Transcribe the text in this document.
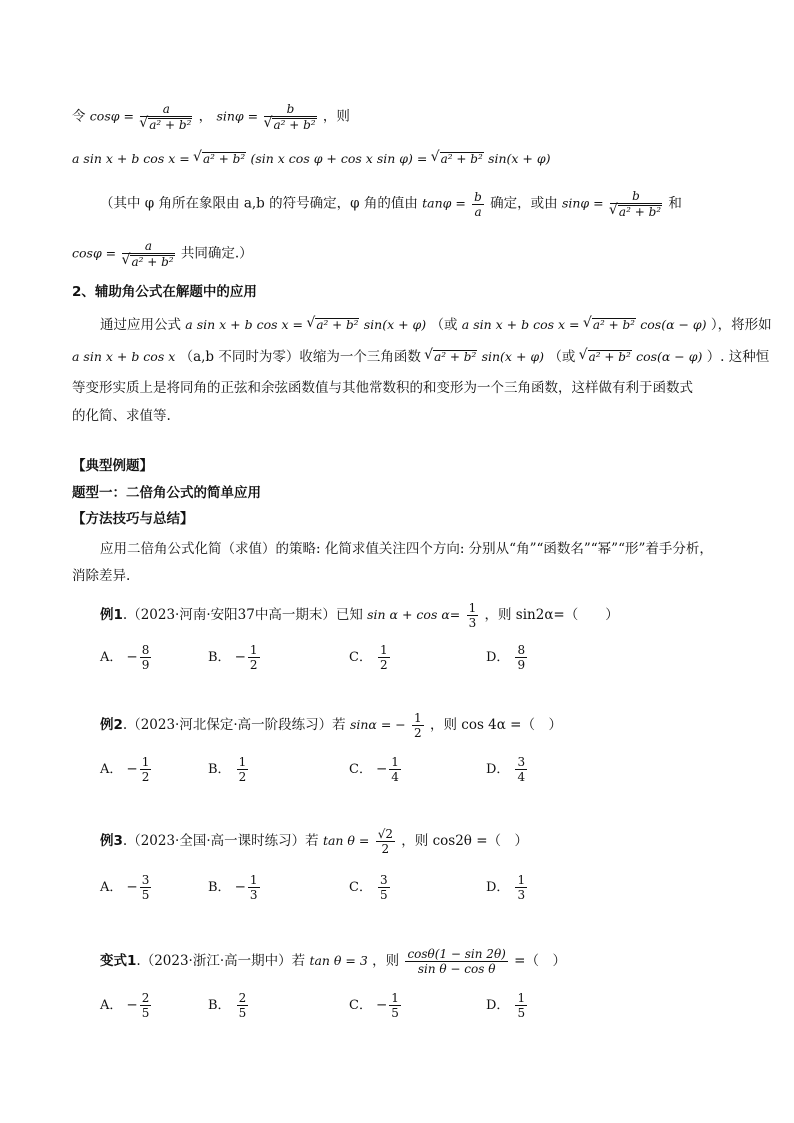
令 cosφ = a
√ a² + b² ， sinφ = b
√ a² + b² ，则
a sin x + b cos x = √ a² + b² (sin x cos φ + cos x sin φ) = √ a² + b² sin(x + φ)
（其中 φ 角所在象限由 a,b 的符号确定，φ 角的值由 $\tan\varphi = \frac{b}{a}$ 确定，或由 sinφ = b
√ a² + b² 和
cosφ = a
√ a² + b² 共同确定.）
2、辅助角公式在解题中的应用
通过应用公式 a sin x + b cos x = √ a² + b² sin(x + φ) （或 a sin x + b cos x = √ a² + b² cos(α − φ) ），将形如
a sin x + b cos x （a,b 不同时为零）收缩为一个三角函数 √ a² + b² sin(x + φ) （或 √ a² + b² cos(α − φ) ）. 这种恒
等变形实质上是将同角的正弦和余弦函数值与其他常数积的和变形为一个三角函数，这样做有利于函数式
的化简、求值等.
【典型例题】
题型一：二倍角公式的简单应用
【方法技巧与总结】
应用二倍角公式化简（求值）的策略: 化简求值关注四个方向: 分别从“角”“函数名”“幂”“形”着手分析，
消除差异.
例1.（2023·河南·安阳37中高一期末）已知 $\sin \alpha + \cos \alpha= \frac{1}{3}$ ，则 sin2α=（　　）
A． − $\frac{8}{9}$	B． − $\frac{1}{2}$	C． $\frac{1}{2}$	D． $\frac{8}{9}$
例2.（2023·河北保定·高一阶段练习）若 sinα = − $\frac{1}{2}$ ，则 cos 4α =（　）
A． − $\frac{1}{2}$	B． $\frac{1}{2}$	C． − $\frac{1}{4}$	D． $\frac{3}{4}$
例3.（2023·全国·高一课时练习）若 $\tan \theta = \frac{√2}{2}$ ，则 cos2θ =（　）
A． − $\frac{3}{5}$	B． − $\frac{1}{3}$	C． $\frac{3}{5}$	D． $\frac{1}{3}$
变式1.（2023·浙江·高一期中）若 tan θ = 3 ，则 $\frac{\cos\theta(1 - \sin 2\theta)}{\text{sin θ − cos θ}}$ =（　）
A． − $\frac{2}{5}$	B． $\frac{2}{5}$	C． − $\frac{1}{5}$	D． $\frac{1}{5}$
